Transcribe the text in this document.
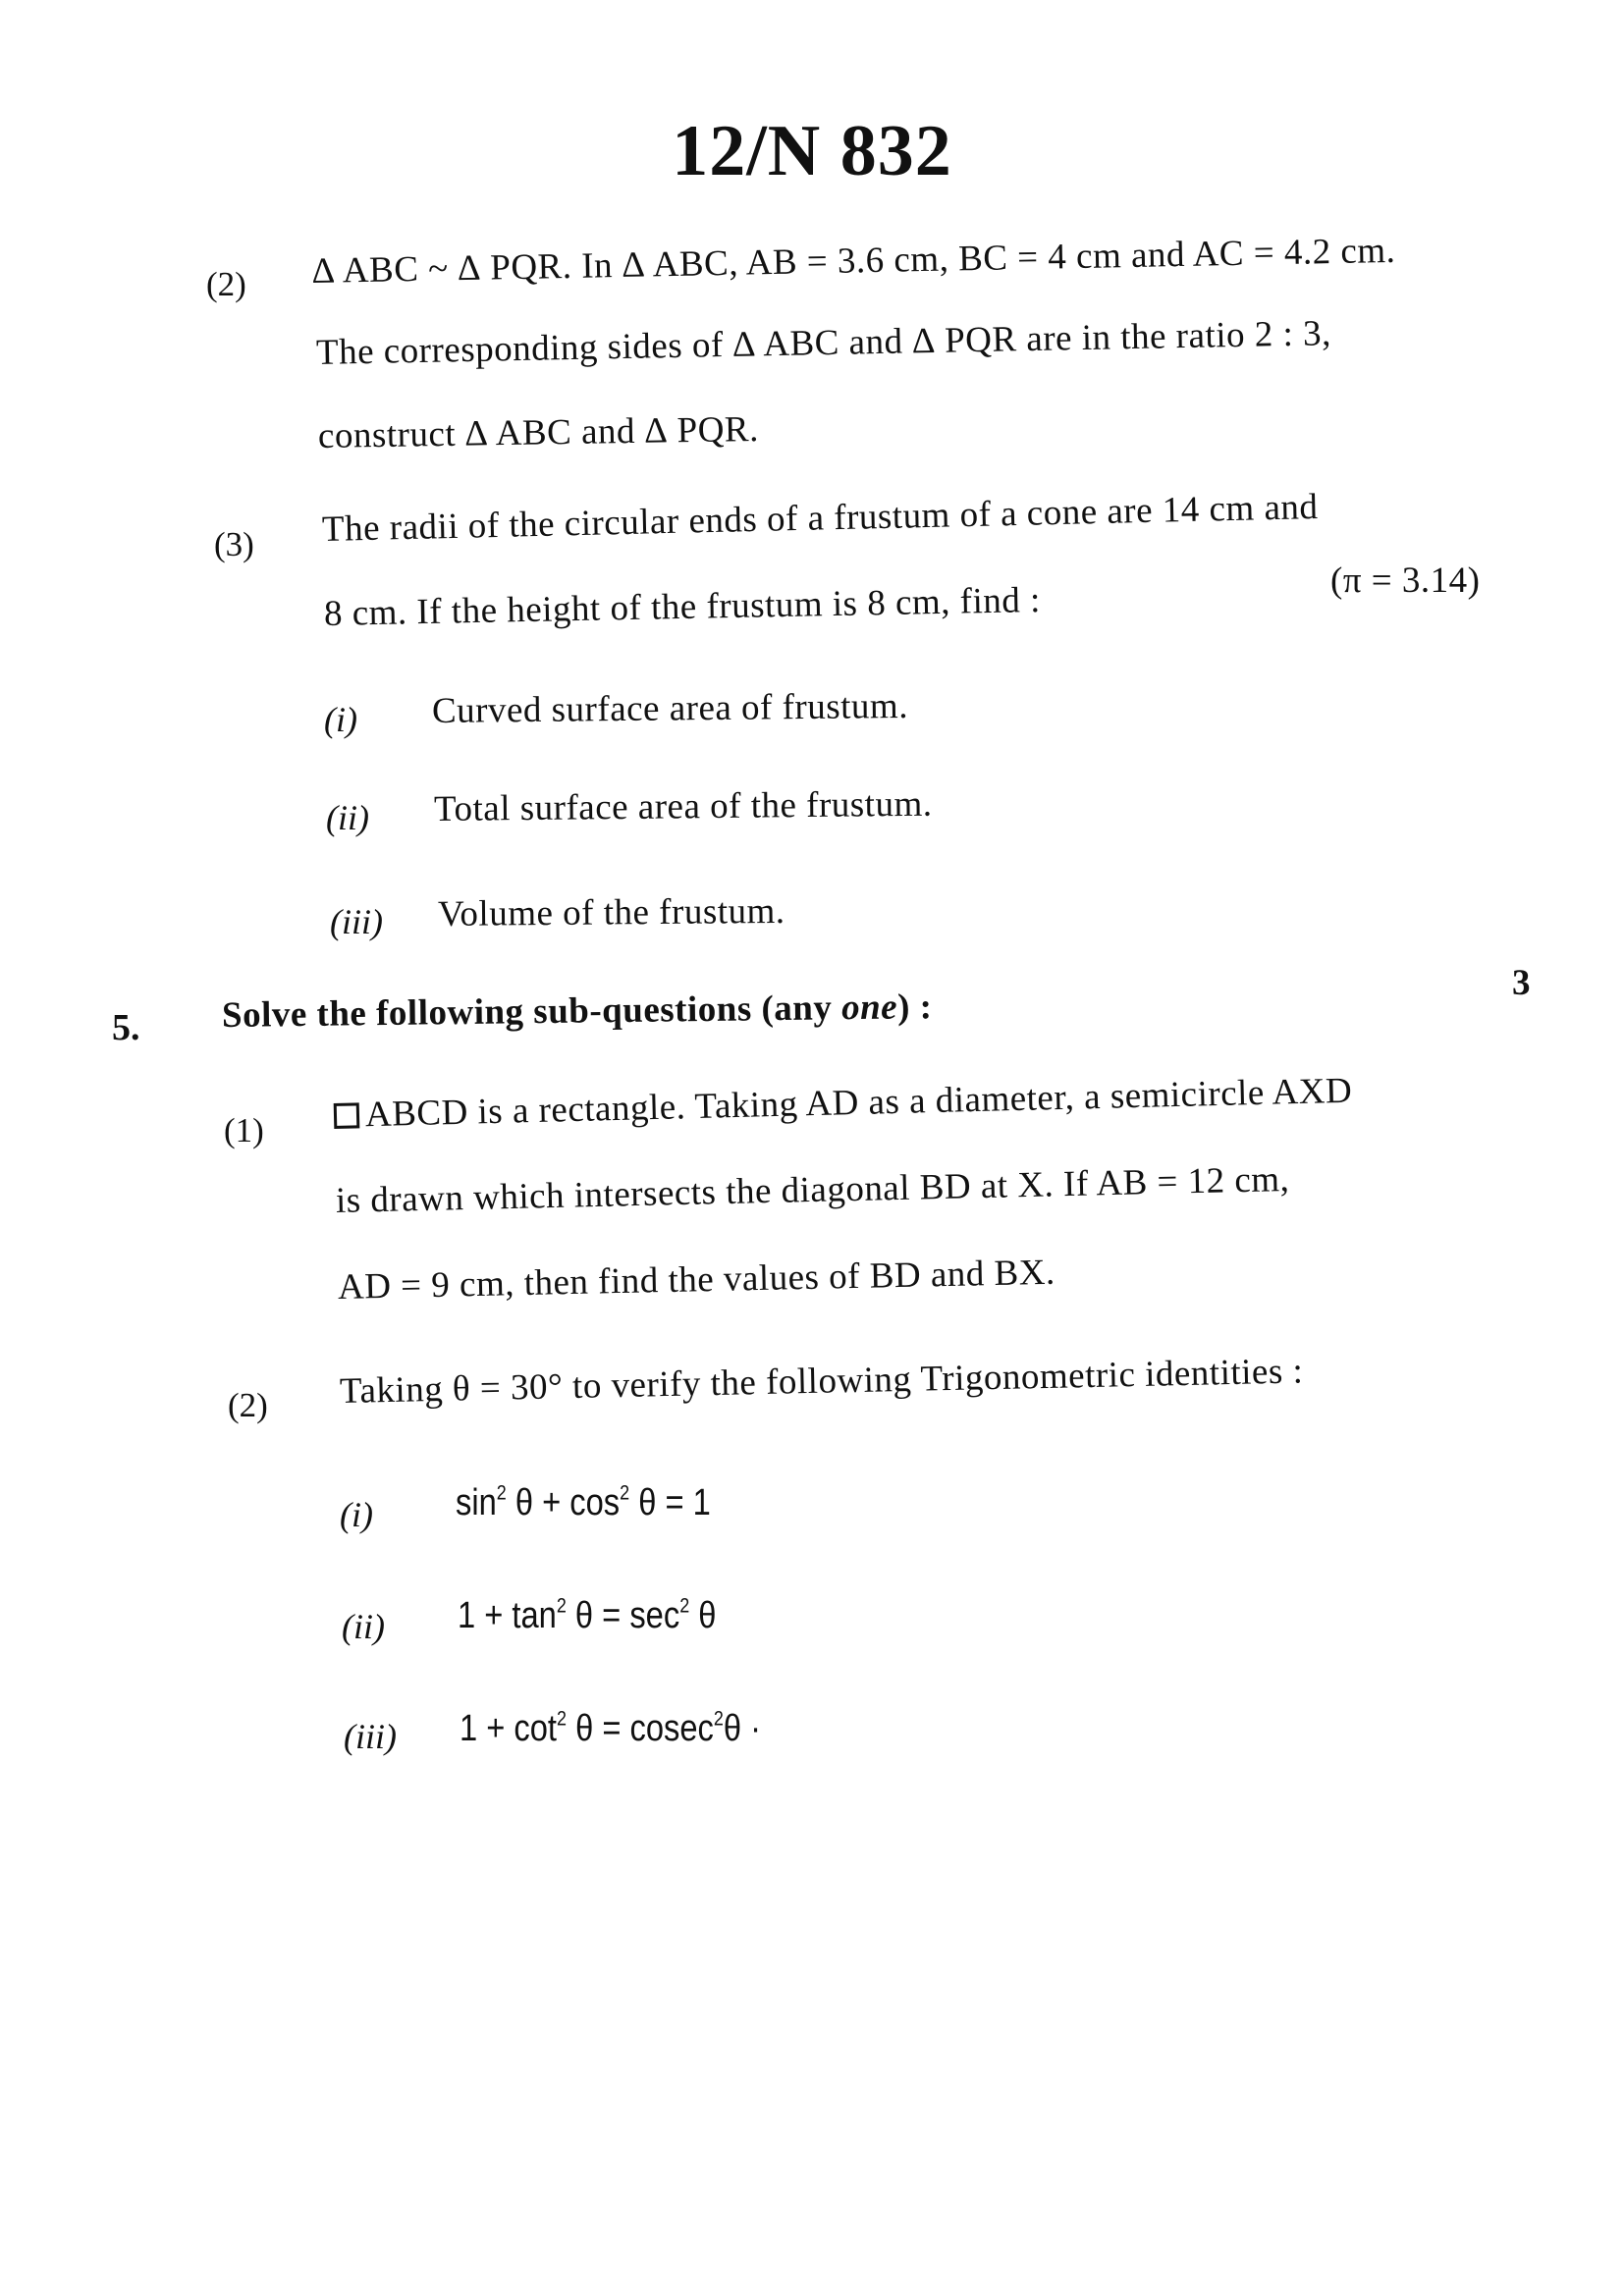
12/N 832
(2) ∆ ABC ~ ∆ PQR. In ∆ ABC, AB = 3.6 cm, BC = 4 cm and AC = 4.2 cm.
The corresponding sides of ∆ ABC and ∆ PQR are in the ratio 2 : 3,
construct ∆ ABC and ∆ PQR.
(3) The radii of the circular ends of a frustum of a cone are 14 cm and
8 cm. If the height of the frustum is 8 cm, find :	(π = 3.14)
(i) Curved surface area of frustum.
(ii) Total surface area of the frustum.
(iii) Volume of the frustum.
5. Solve the following sub-questions (any one) :
3
(1)	ABCD is a rectangle. Taking AD as a diameter, a semicircle AXD
is drawn which intersects the diagonal BD at X. If AB = 12 cm,
AD = 9 cm, then find the values of BD and BX.
(2) Taking θ = 30° to verify the following Trigonometric identities :
(i) $\sin^2 \theta + \cos^2 \theta = 1$
(ii) $1 + \tan^2 \theta = \sec^2 \theta$
(iii) $1 + \cot^2 \theta = cosec^2\theta$ ·
